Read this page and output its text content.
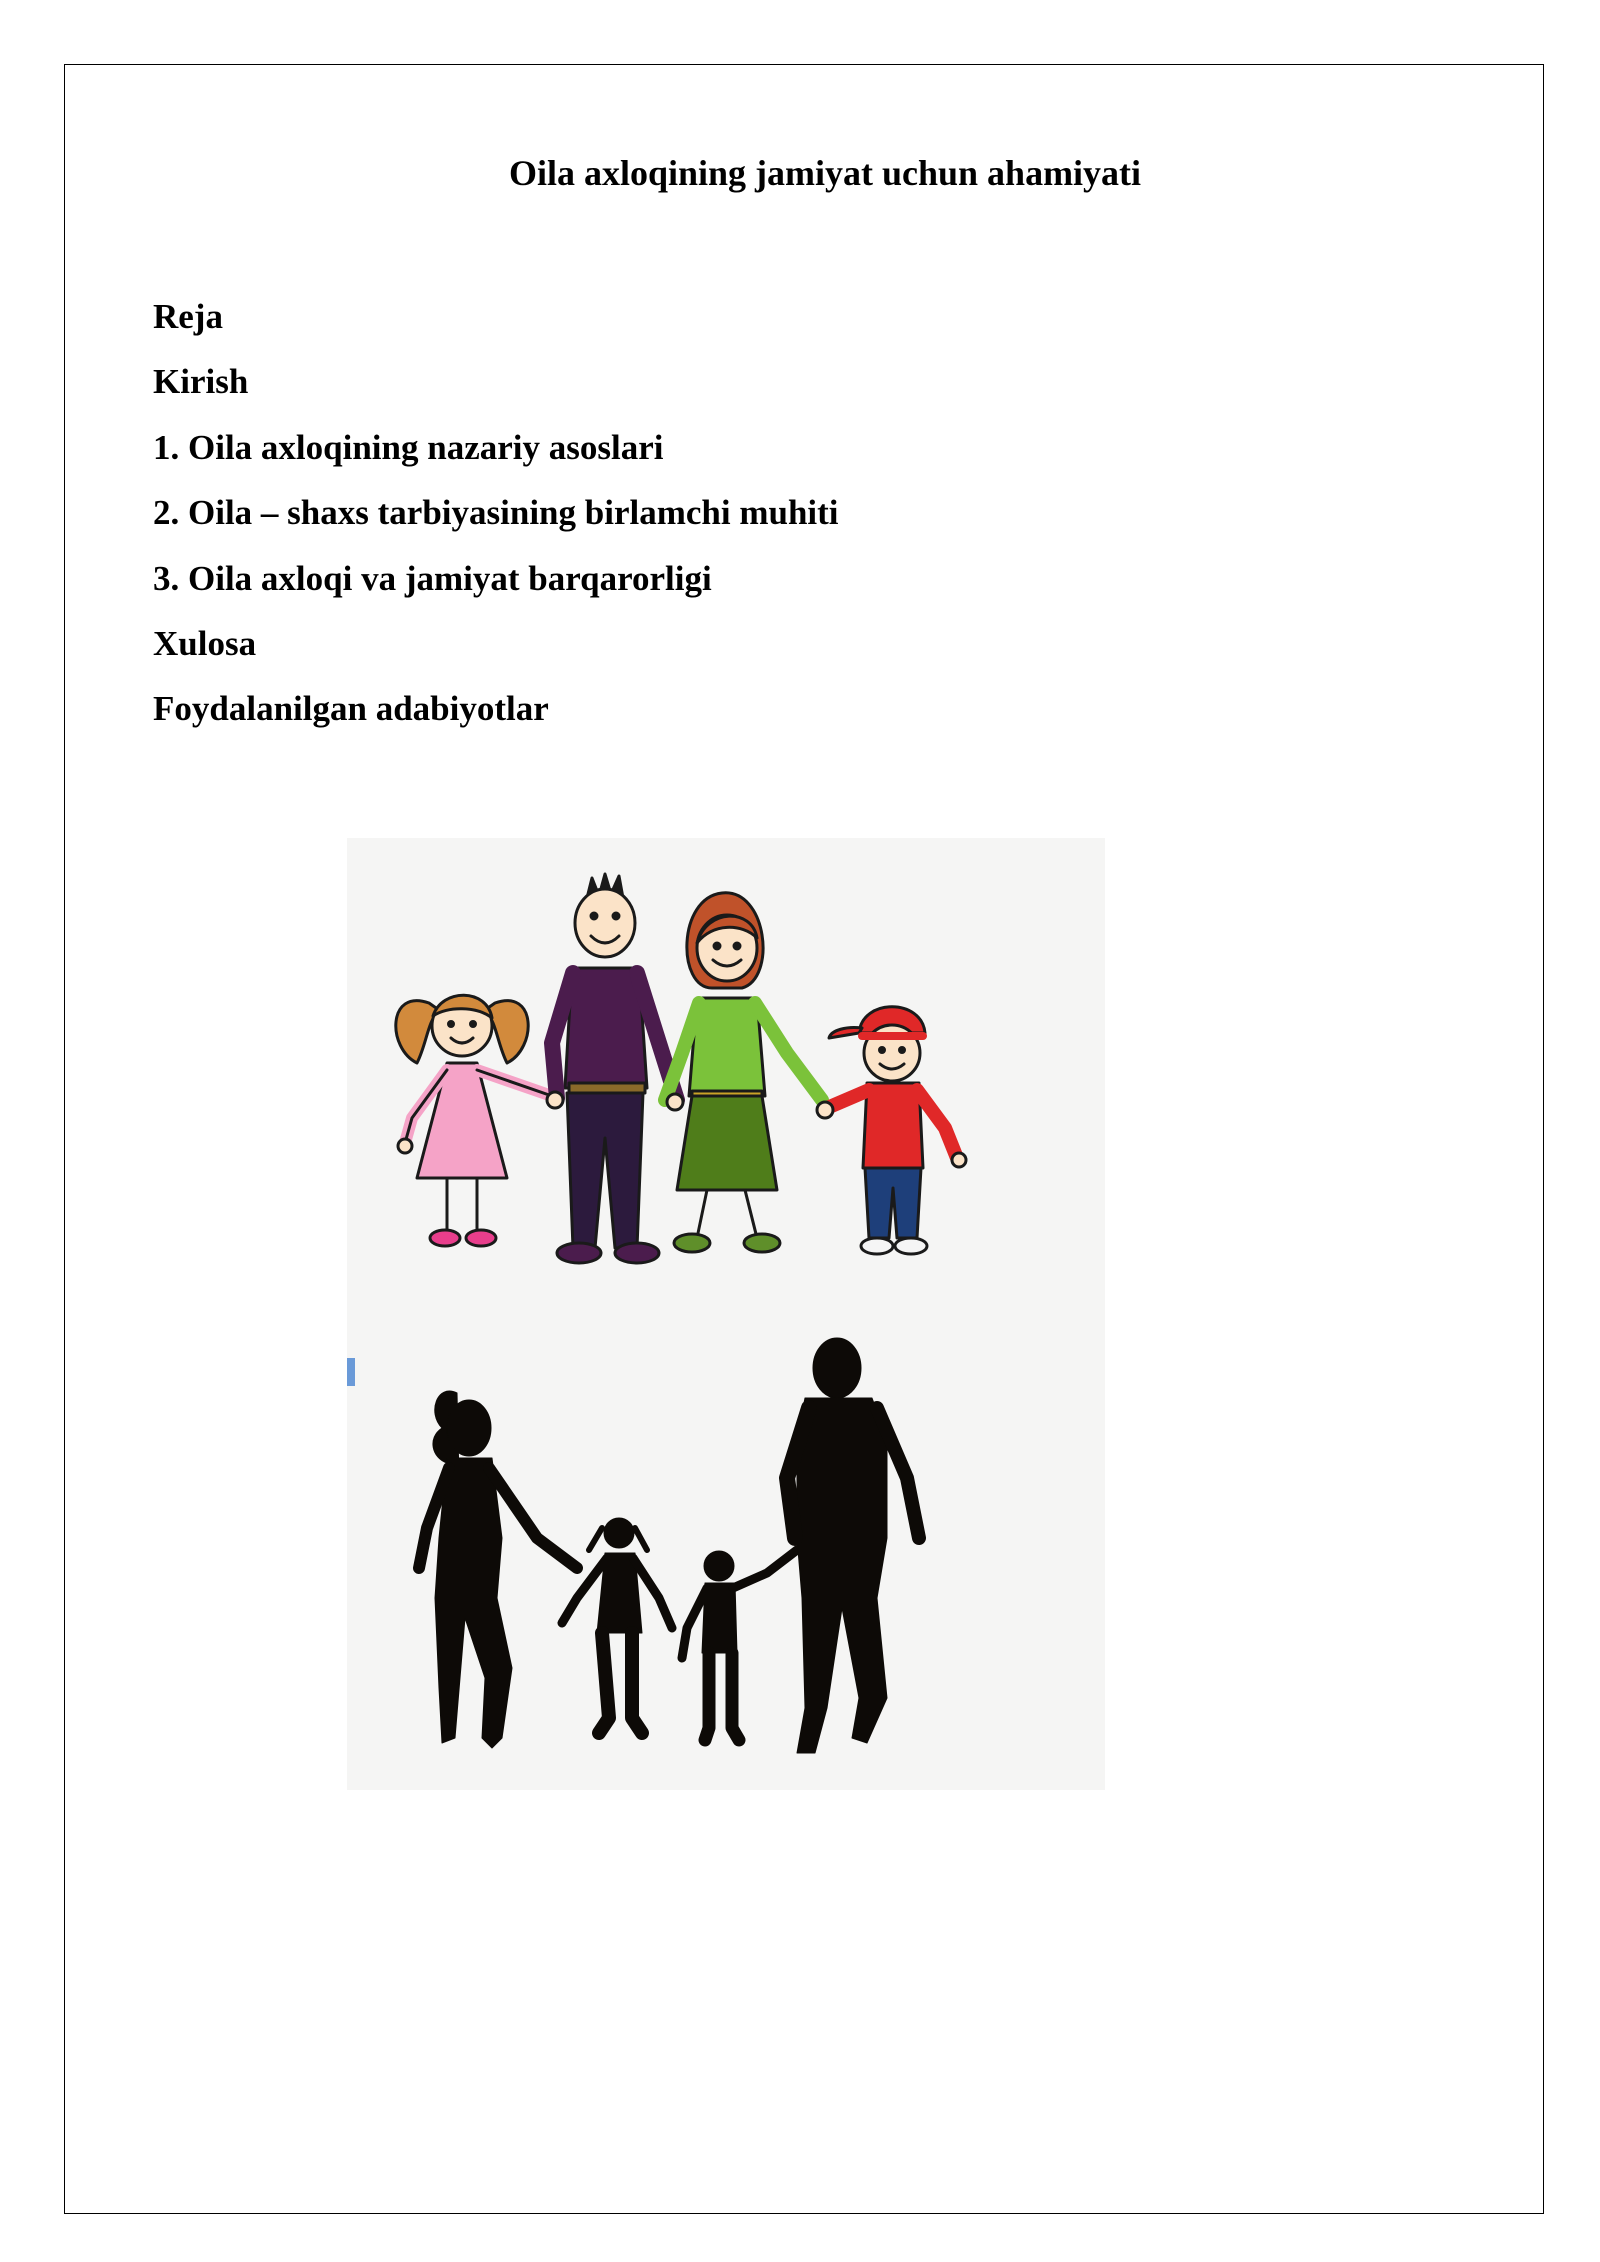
Oila axloqining jamiyat uchun ahamiyati
Reja
Kirish
1. Oila axloqining nazariy asoslari
2. Oila – shaxs tarbiyasining birlamchi muhiti
3. Oila axloqi va jamiyat barqarorligi
Xulosa
Foydalanilgan adabiyotlar
